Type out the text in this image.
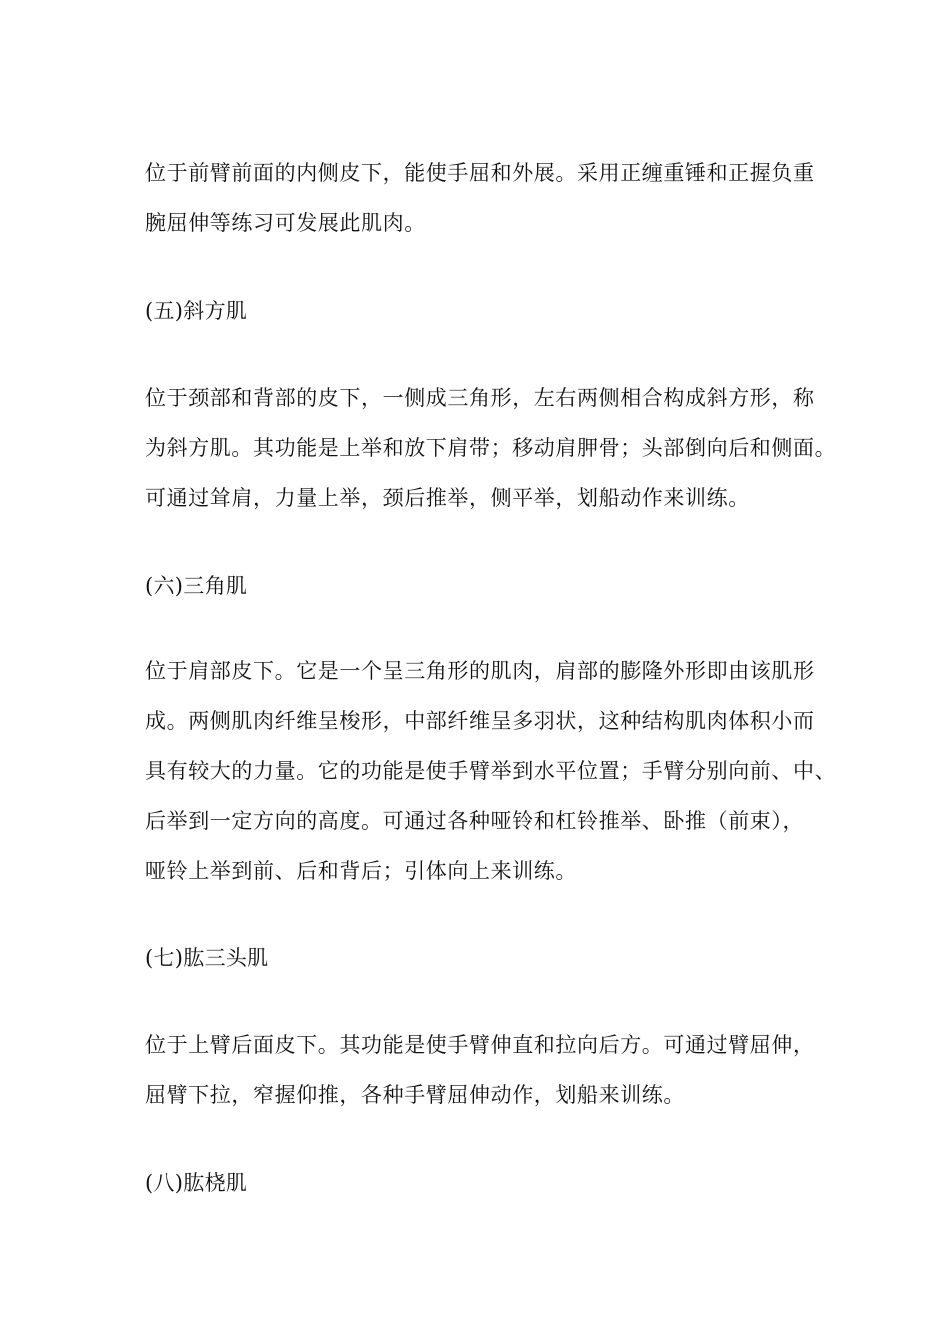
位于前臂前面的内侧皮下，能使手屈和外展。采用正缠重锤和正握负重
腕屈伸等练习可发展此肌肉。
(五)斜方肌
位于颈部和背部的皮下，一侧成三角形，左右两侧相合构成斜方形，称
为斜方肌。其功能是上举和放下肩带；移动肩胛骨；头部倒向后和侧面。
可通过耸肩，力量上举，颈后推举，侧平举，划船动作来训练。
(六)三角肌
位于肩部皮下。它是一个呈三角形的肌肉，肩部的膨隆外形即由该肌形
成。两侧肌肉纤维呈梭形，中部纤维呈多羽状，这种结构肌肉体积小而
具有较大的力量。它的功能是使手臂举到水平位置；手臂分别向前、中、
后举到一定方向的高度。可通过各种哑铃和杠铃推举、卧推（前束），
哑铃上举到前、后和背后；引体向上来训练。
(七)肱三头肌
位于上臂后面皮下。其功能是使手臂伸直和拉向后方。可通过臂屈伸，
屈臂下拉，窄握仰推，各种手臂屈伸动作，划船来训练。
(八)肱桡肌
